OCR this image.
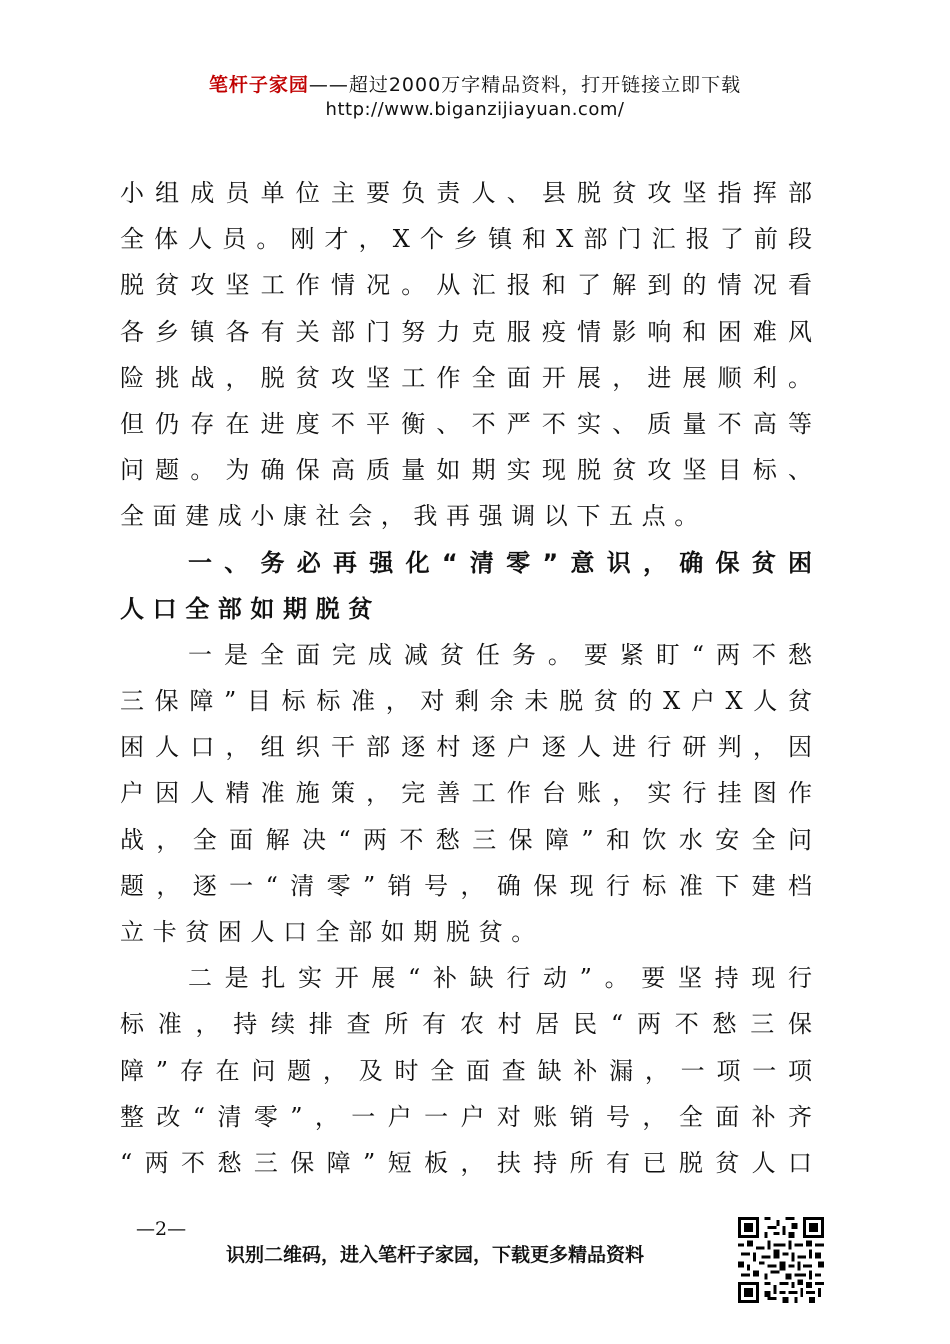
笔杆子家园——超过2000万字精品资料，打开链接立即下载
http://www.biganzijiayuan.com/
小组成员单位主要负责人、县脱贫攻坚指挥部
全体人员。刚才，X个乡镇和X部门汇报了前段
脱贫攻坚工作情况。从汇报和了解到的情况看
各乡镇各有关部门努力克服疫情影响和困难风
险挑战，脱贫攻坚工作全面开展，进展顺利。
但仍存在进度不平衡、不严不实、质量不高等
问题。为确保高质量如期实现脱贫攻坚目标、
全面建成小康社会，我再强调以下五点。
一、务必再强化“清零”意识，确保贫困
人口全部如期脱贫
一是全面完成减贫任务。要紧盯“两不愁
三保障”目标标准，对剩余未脱贫的X户X人贫
困人口，组织干部逐村逐户逐人进行研判，因
户因人精准施策，完善工作台账，实行挂图作
战，全面解决“两不愁三保障”和饮水安全问
题，逐一“清零”销号，确保现行标准下建档
立卡贫困人口全部如期脱贫。
二是扎实开展“补缺行动”。要坚持现行
标准，持续排查所有农村居民“两不愁三保
障”存在问题，及时全面查缺补漏，一项一项
整改“清零”，一户一户对账销号，全面补齐
“两不愁三保障”短板，扶持所有已脱贫人口
—2—
识别二维码，进入笔杆子家园，下载更多精品资料
